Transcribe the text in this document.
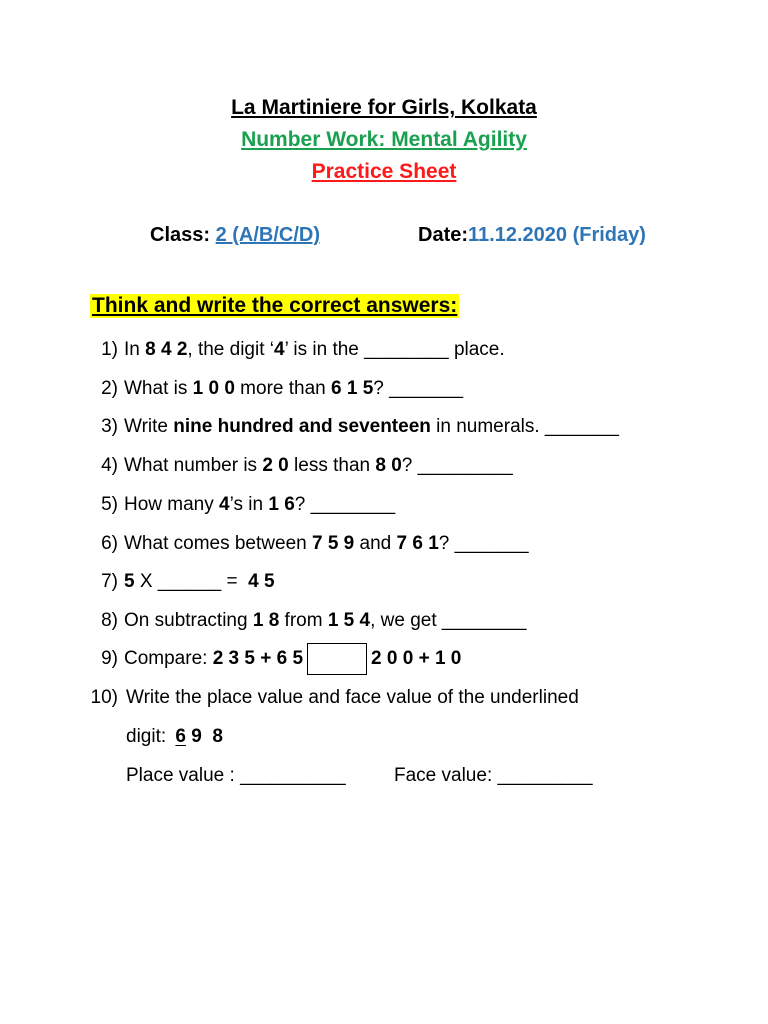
La Martiniere for Girls, Kolkata
Number Work: Mental Agility
Practice Sheet
Class: 2 (A/B/C/D)	Date:11.12.2020 (Friday)
Think and write the correct answers:
1) In 8 4 2, the digit ‘4’ is in the ________ place.
2) What is 1 0 0 more than 6 1 5? _______
3) Write nine hundred and seventeen in numerals. _______
4) What number is 2 0 less than 8 0? _________
5) How many 4’s in 1 6? ________
6) What comes between 7 5 9 and 7 6 1? _______
7) 5 X ______ =  4 5
8) On subtracting 1 8 from 1 5 4, we get ________
9) Compare: 2 3 5 + 6 5	2 0 0 + 1 0
10) Write the place value and face value of the underlined
digit: 6 9  8
Place value : __________	Face value: _________
